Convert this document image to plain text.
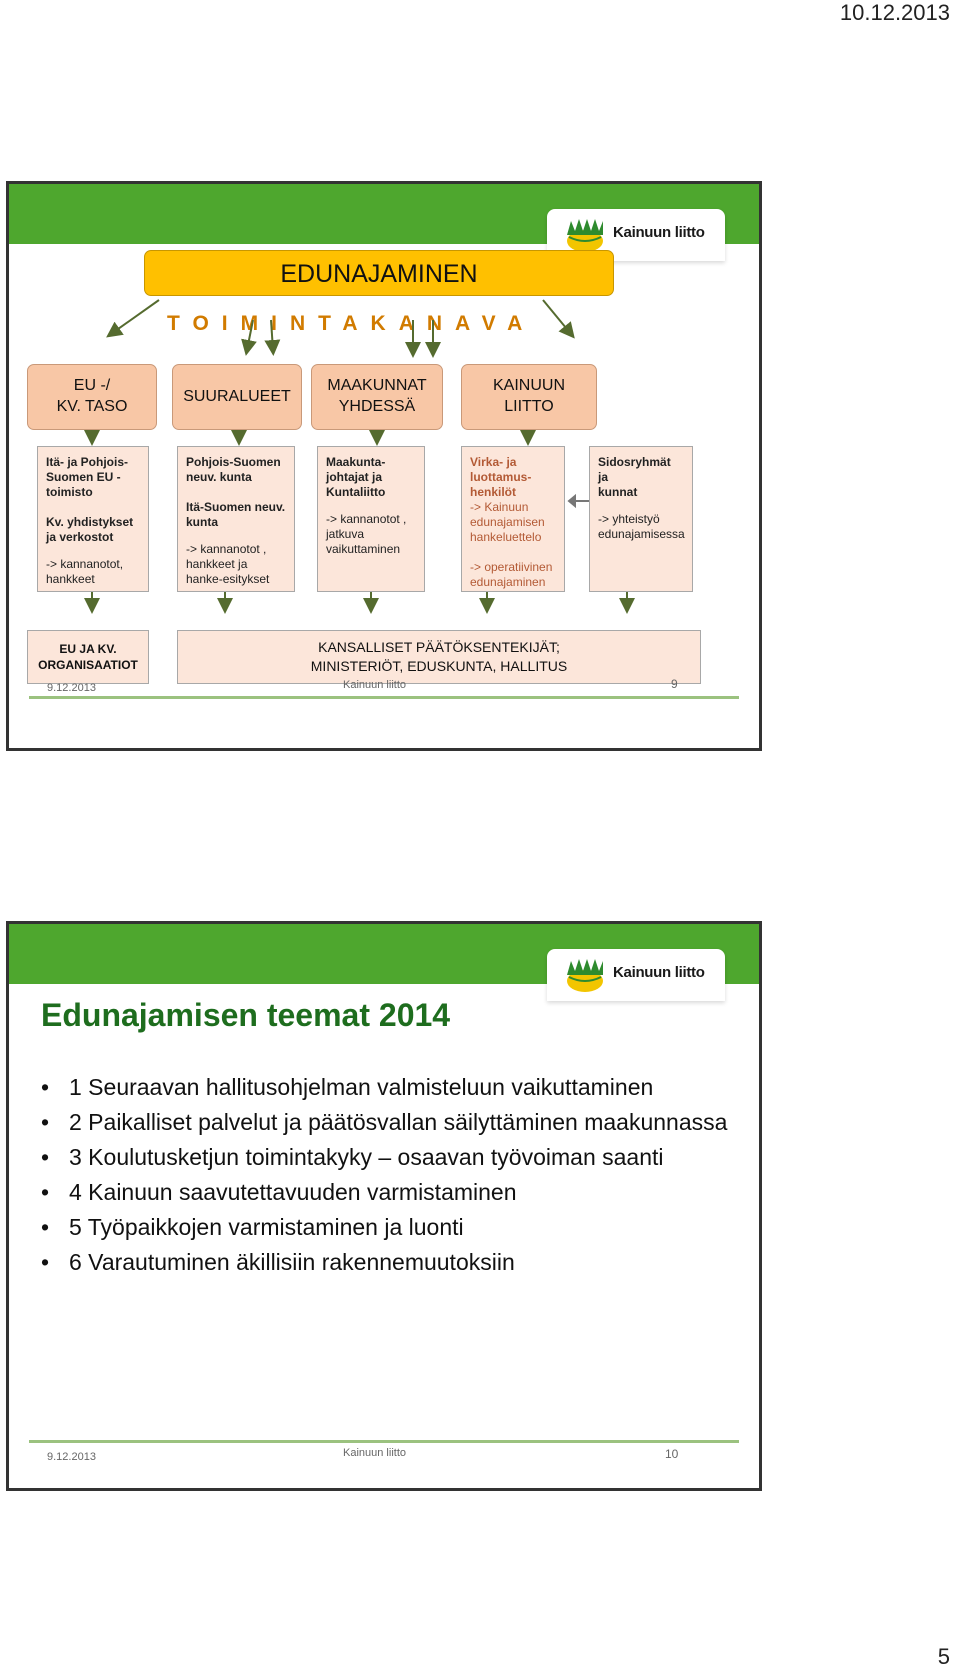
10.12.2013
Kainuun liitto
EDUNAJAMINEN
TOIMINTAKANAVA
EU -/
KV. TASO
SUURALUEET
MAAKUNNAT
YHDESSÄ
KAINUUN
LIITTO
Itä- ja Pohjois-
Suomen EU -
toimisto

Kv. yhdistykset
ja verkostot
-> kannanotot,
hankkeet
Pohjois-Suomen
neuv. kunta

Itä-Suomen neuv.
kunta
-> kannanotot ,
hankkeet ja
hanke-esitykset
Maakunta-
johtajat ja
Kuntaliitto
-> kannanotot ,
jatkuva
vaikuttaminen
Virka- ja
luottamus-
henkilöt
-> Kainuun
edunajamisen
hankeluettelo

-> operatiivinen
edunajaminen
Sidosryhmät ja
kunnat
-> yhteistyö
edunajamisessa
EU JA KV.
ORGANISAATIOT
KANSALLISET PÄÄTÖKSENTEKIJÄT;
MINISTERIÖT, EDUSKUNTA, HALLITUS
9.12.2013	Kainuun liitto	9
Kainuun liitto
Edunajamisen teemat 2014
• 1 Seuraavan hallitusohjelman valmisteluun vaikuttaminen
• 2 Paikalliset palvelut ja päätösvallan säilyttäminen maakunnassa
• 3 Koulutusketjun toimintakyky – osaavan työvoiman saanti
• 4 Kainuun saavutettavuuden varmistaminen
• 5 Työpaikkojen varmistaminen ja luonti
• 6 Varautuminen äkillisiin rakennemuutoksiin
9.12.2013	Kainuun liitto	10
5
